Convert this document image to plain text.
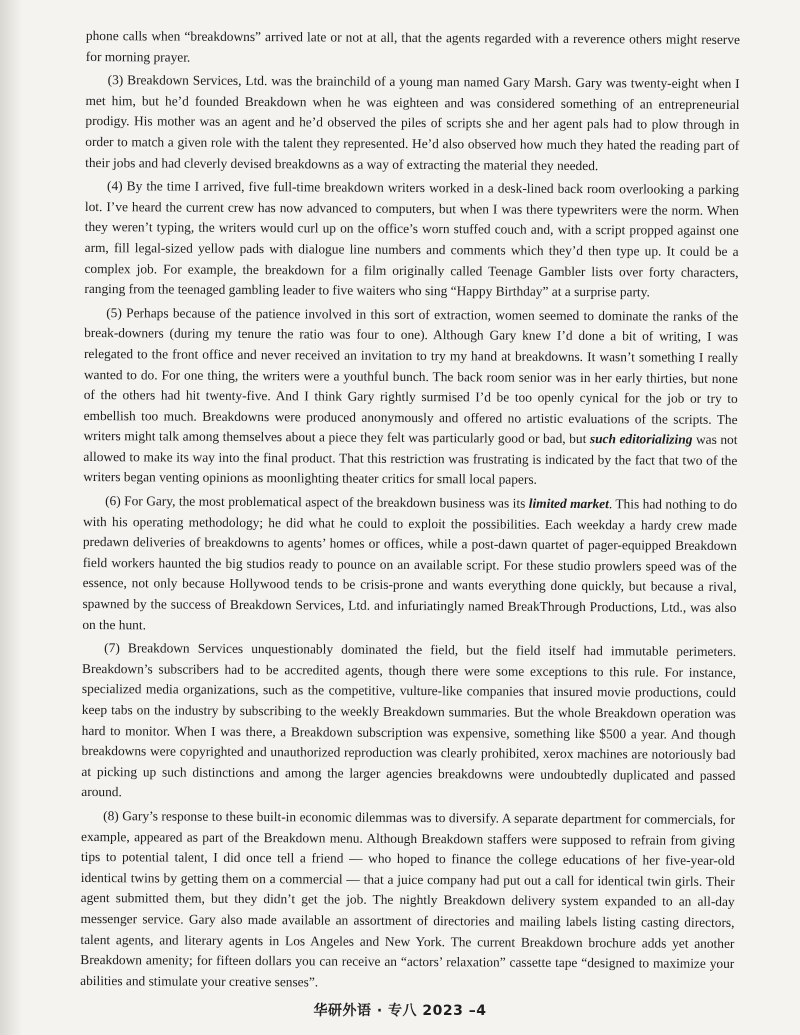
phone calls when “breakdowns” arrived late or not at all, that the agents regarded with a reverence others might reserve for morning prayer.

(3) Breakdown Services, Ltd. was the brainchild of a young man named Gary Marsh. Gary was twenty-eight when I met him, but he’d founded Breakdown when he was eighteen and was considered something of an entrepreneurial prodigy. His mother was an agent and he’d observed the piles of scripts she and her agent pals had to plow through in order to match a given role with the talent they represented. He’d also observed how much they hated the reading part of their jobs and had cleverly devised breakdowns as a way of extracting the material they needed.

(4) By the time I arrived, five full-time breakdown writers worked in a desk-lined back room overlooking a parking lot. I’ve heard the current crew has now advanced to computers, but when I was there typewriters were the norm. When they weren’t typing, the writers would curl up on the office’s worn stuffed couch and, with a script propped against one arm, fill legal-sized yellow pads with dialogue line numbers and comments which they’d then type up. It could be a complex job. For example, the breakdown for a film originally called Teenage Gambler lists over forty characters, ranging from the teenaged gambling leader to five waiters who sing “Happy Birthday” at a surprise party.

(5) Perhaps because of the patience involved in this sort of extraction, women seemed to dominate the ranks of the break-downers (during my tenure the ratio was four to one). Although Gary knew I’d done a bit of writing, I was relegated to the front office and never received an invitation to try my hand at breakdowns. It wasn’t something I really wanted to do. For one thing, the writers were a youthful bunch. The back room senior was in her early thirties, but none of the others had hit twenty-five. And I think Gary rightly surmised I’d be too openly cynical for the job or try to embellish too much. Breakdowns were produced anonymously and offered no artistic evaluations of the scripts. The writers might talk among themselves about a piece they felt was particularly good or bad, but such editorializing was not allowed to make its way into the final product. That this restriction was frustrating is indicated by the fact that two of the writers began venting opinions as moonlighting theater critics for small local papers.

(6) For Gary, the most problematical aspect of the breakdown business was its limited market. This had nothing to do with his operating methodology; he did what he could to exploit the possibilities. Each weekday a hardy crew made predawn deliveries of breakdowns to agents’ homes or offices, while a post-dawn quartet of pager-equipped Breakdown field workers haunted the big studios ready to pounce on an available script. For these studio prowlers speed was of the essence, not only because Hollywood tends to be crisis-prone and wants everything done quickly, but because a rival, spawned by the success of Breakdown Services, Ltd. and infuriatingly named BreakThrough Productions, Ltd., was also on the hunt.

(7) Breakdown Services unquestionably dominated the field, but the field itself had immutable perimeters. Breakdown’s subscribers had to be accredited agents, though there were some exceptions to this rule. For instance, specialized media organizations, such as the competitive, vulture-like companies that insured movie productions, could keep tabs on the industry by subscribing to the weekly Breakdown summaries. But the whole Breakdown operation was hard to monitor. When I was there, a Breakdown subscription was expensive, something like $500 a year. And though breakdowns were copyrighted and unauthorized reproduction was clearly prohibited, xerox machines are notoriously bad at picking up such distinctions and among the larger agencies breakdowns were undoubtedly duplicated and passed around.

(8) Gary’s response to these built-in economic dilemmas was to diversify. A separate department for commercials, for example, appeared as part of the Breakdown menu. Although Breakdown staffers were supposed to refrain from giving tips to potential talent, I did once tell a friend — who hoped to finance the college educations of her five-year-old identical twins by getting them on a commercial — that a juice company had put out a call for identical twin girls. Their agent submitted them, but they didn’t get the job. The nightly Breakdown delivery system expanded to an all-day messenger service. Gary also made available an assortment of directories and mailing labels listing casting directors, talent agents, and literary agents in Los Angeles and New York. The current Breakdown brochure adds yet another Breakdown amenity; for fifteen dollars you can receive an “actors’ relaxation” cassette tape “designed to maximize your abilities and stimulate your creative senses”.

华研外语 · 专八 2023 –4
